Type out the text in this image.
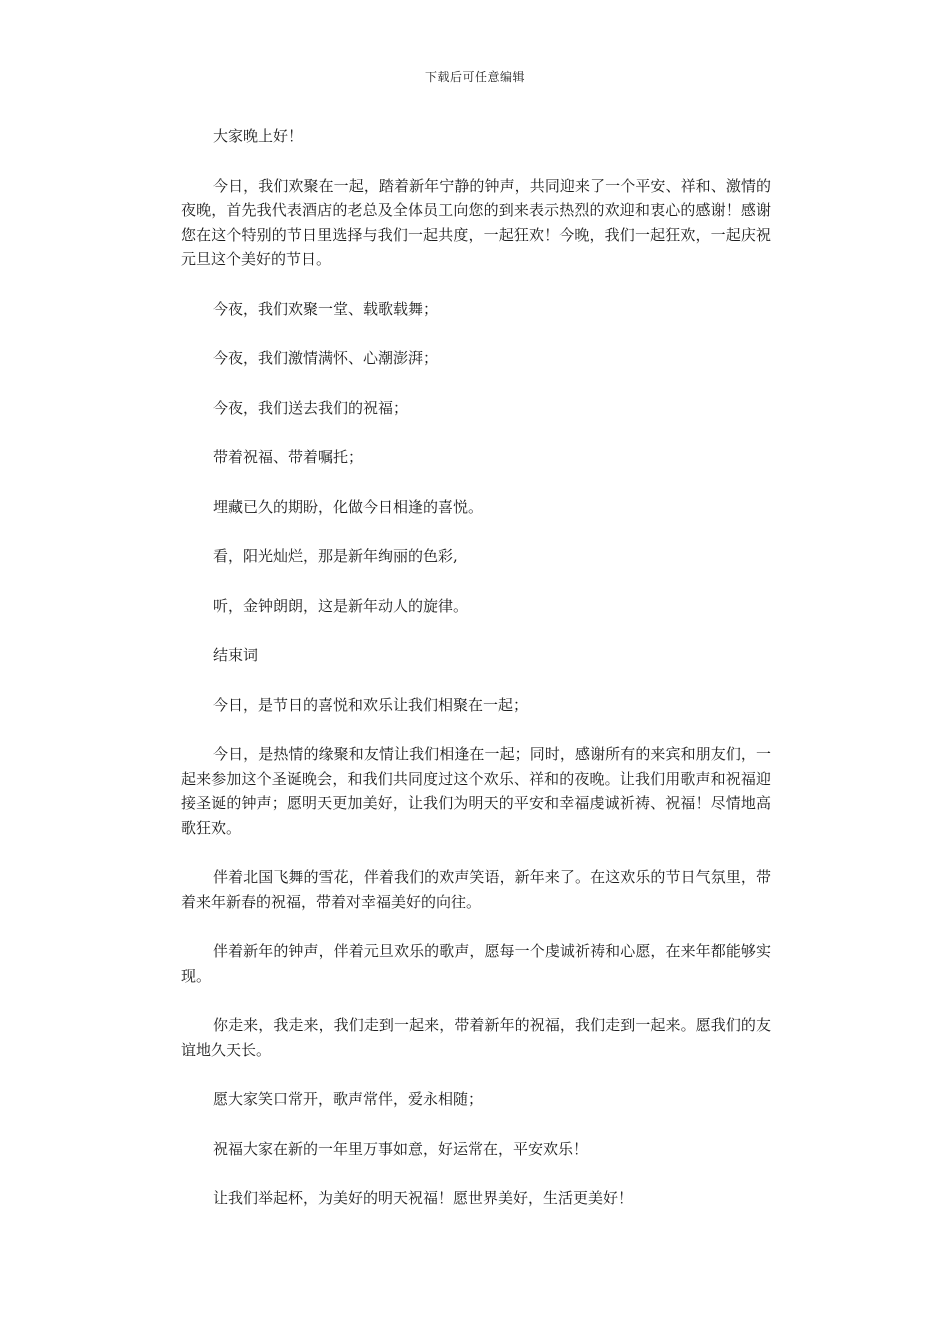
下载后可任意编辑

大家晚上好！

今日，我们欢聚在一起，踏着新年宁静的钟声，共同迎来了一个平安、祥和、激情的夜晚，首先我代表酒店的老总及全体员工向您的到来表示热烈的欢迎和衷心的感谢！感谢您在这个特别的节日里选择与我们一起共度，一起狂欢！今晚，我们一起狂欢，一起庆祝元旦这个美好的节日。

今夜，我们欢聚一堂、载歌载舞；

今夜，我们激情满怀、心潮澎湃；

今夜，我们送去我们的祝福；

带着祝福、带着嘱托；

埋藏已久的期盼，化做今日相逢的喜悦。

看，阳光灿烂，那是新年绚丽的色彩,

听，金钟朗朗，这是新年动人的旋律。

结束词

今日，是节日的喜悦和欢乐让我们相聚在一起；

今日，是热情的缘聚和友情让我们相逢在一起；同时，感谢所有的来宾和朋友们，一起来参加这个圣诞晚会，和我们共同度过这个欢乐、祥和的夜晚。让我们用歌声和祝福迎接圣诞的钟声；愿明天更加美好，让我们为明天的平安和幸福虔诚祈祷、祝福！尽情地高歌狂欢。

伴着北国飞舞的雪花，伴着我们的欢声笑语，新年来了。在这欢乐的节日气氛里，带着来年新春的祝福，带着对幸福美好的向往。

伴着新年的钟声，伴着元旦欢乐的歌声，愿每一个虔诚祈祷和心愿，在来年都能够实现。

你走来，我走来，我们走到一起来，带着新年的祝福，我们走到一起来。愿我们的友谊地久天长。

愿大家笑口常开，歌声常伴，爱永相随；

祝福大家在新的一年里万事如意，好运常在，平安欢乐！

让我们举起杯，为美好的明天祝福！愿世界美好，生活更美好！
